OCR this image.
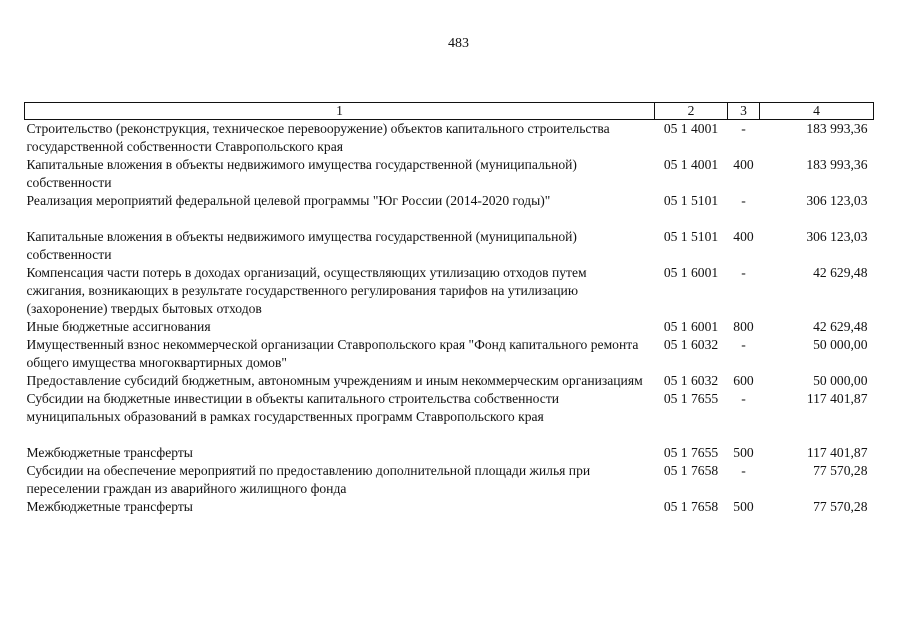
483
1	2	3	4
Строительство (реконструкция, техническое перевооружение) объектов капитального строительства государственной собственности Ставропольского края	05 1 4001	-	183 993,36
Капитальные вложения в объекты недвижимого имущества государственной (муниципальной) собственности	05 1 4001	400	183 993,36
Реализация мероприятий федеральной целевой программы "Юг России (2014-2020 годы)"	05 1 5101	-	306 123,03
Капитальные вложения в объекты недвижимого имущества государственной (муниципальной) собственности	05 1 5101	400	306 123,03
Компенсация части потерь в доходах организаций, осуществляющих утилизацию отходов путем сжигания, возникающих в результате государственного регулирования тарифов на утилизацию (захоронение) твердых бытовых отходов	05 1 6001	-	42 629,48
Иные бюджетные ассигнования	05 1 6001	800	42 629,48
Имущественный взнос некоммерческой организации Ставропольского края "Фонд капитального ремонта общего имущества многоквартирных домов"	05 1 6032	-	50 000,00
Предоставление субсидий бюджетным, автономным учреждениям и иным некоммерческим организациям	05 1 6032	600	50 000,00
Субсидии на бюджетные инвестиции в объекты капитального строительства собственности муниципальных образований в рамках государственных программ Ставропольского края	05 1 7655	-	117 401,87
Межбюджетные трансферты	05 1 7655	500	117 401,87
Субсидии на обеспечение мероприятий по предоставлению дополнительной площади жилья при переселении граждан из аварийного жилищного фонда	05 1 7658	-	77 570,28
Межбюджетные трансферты	05 1 7658	500	77 570,28
